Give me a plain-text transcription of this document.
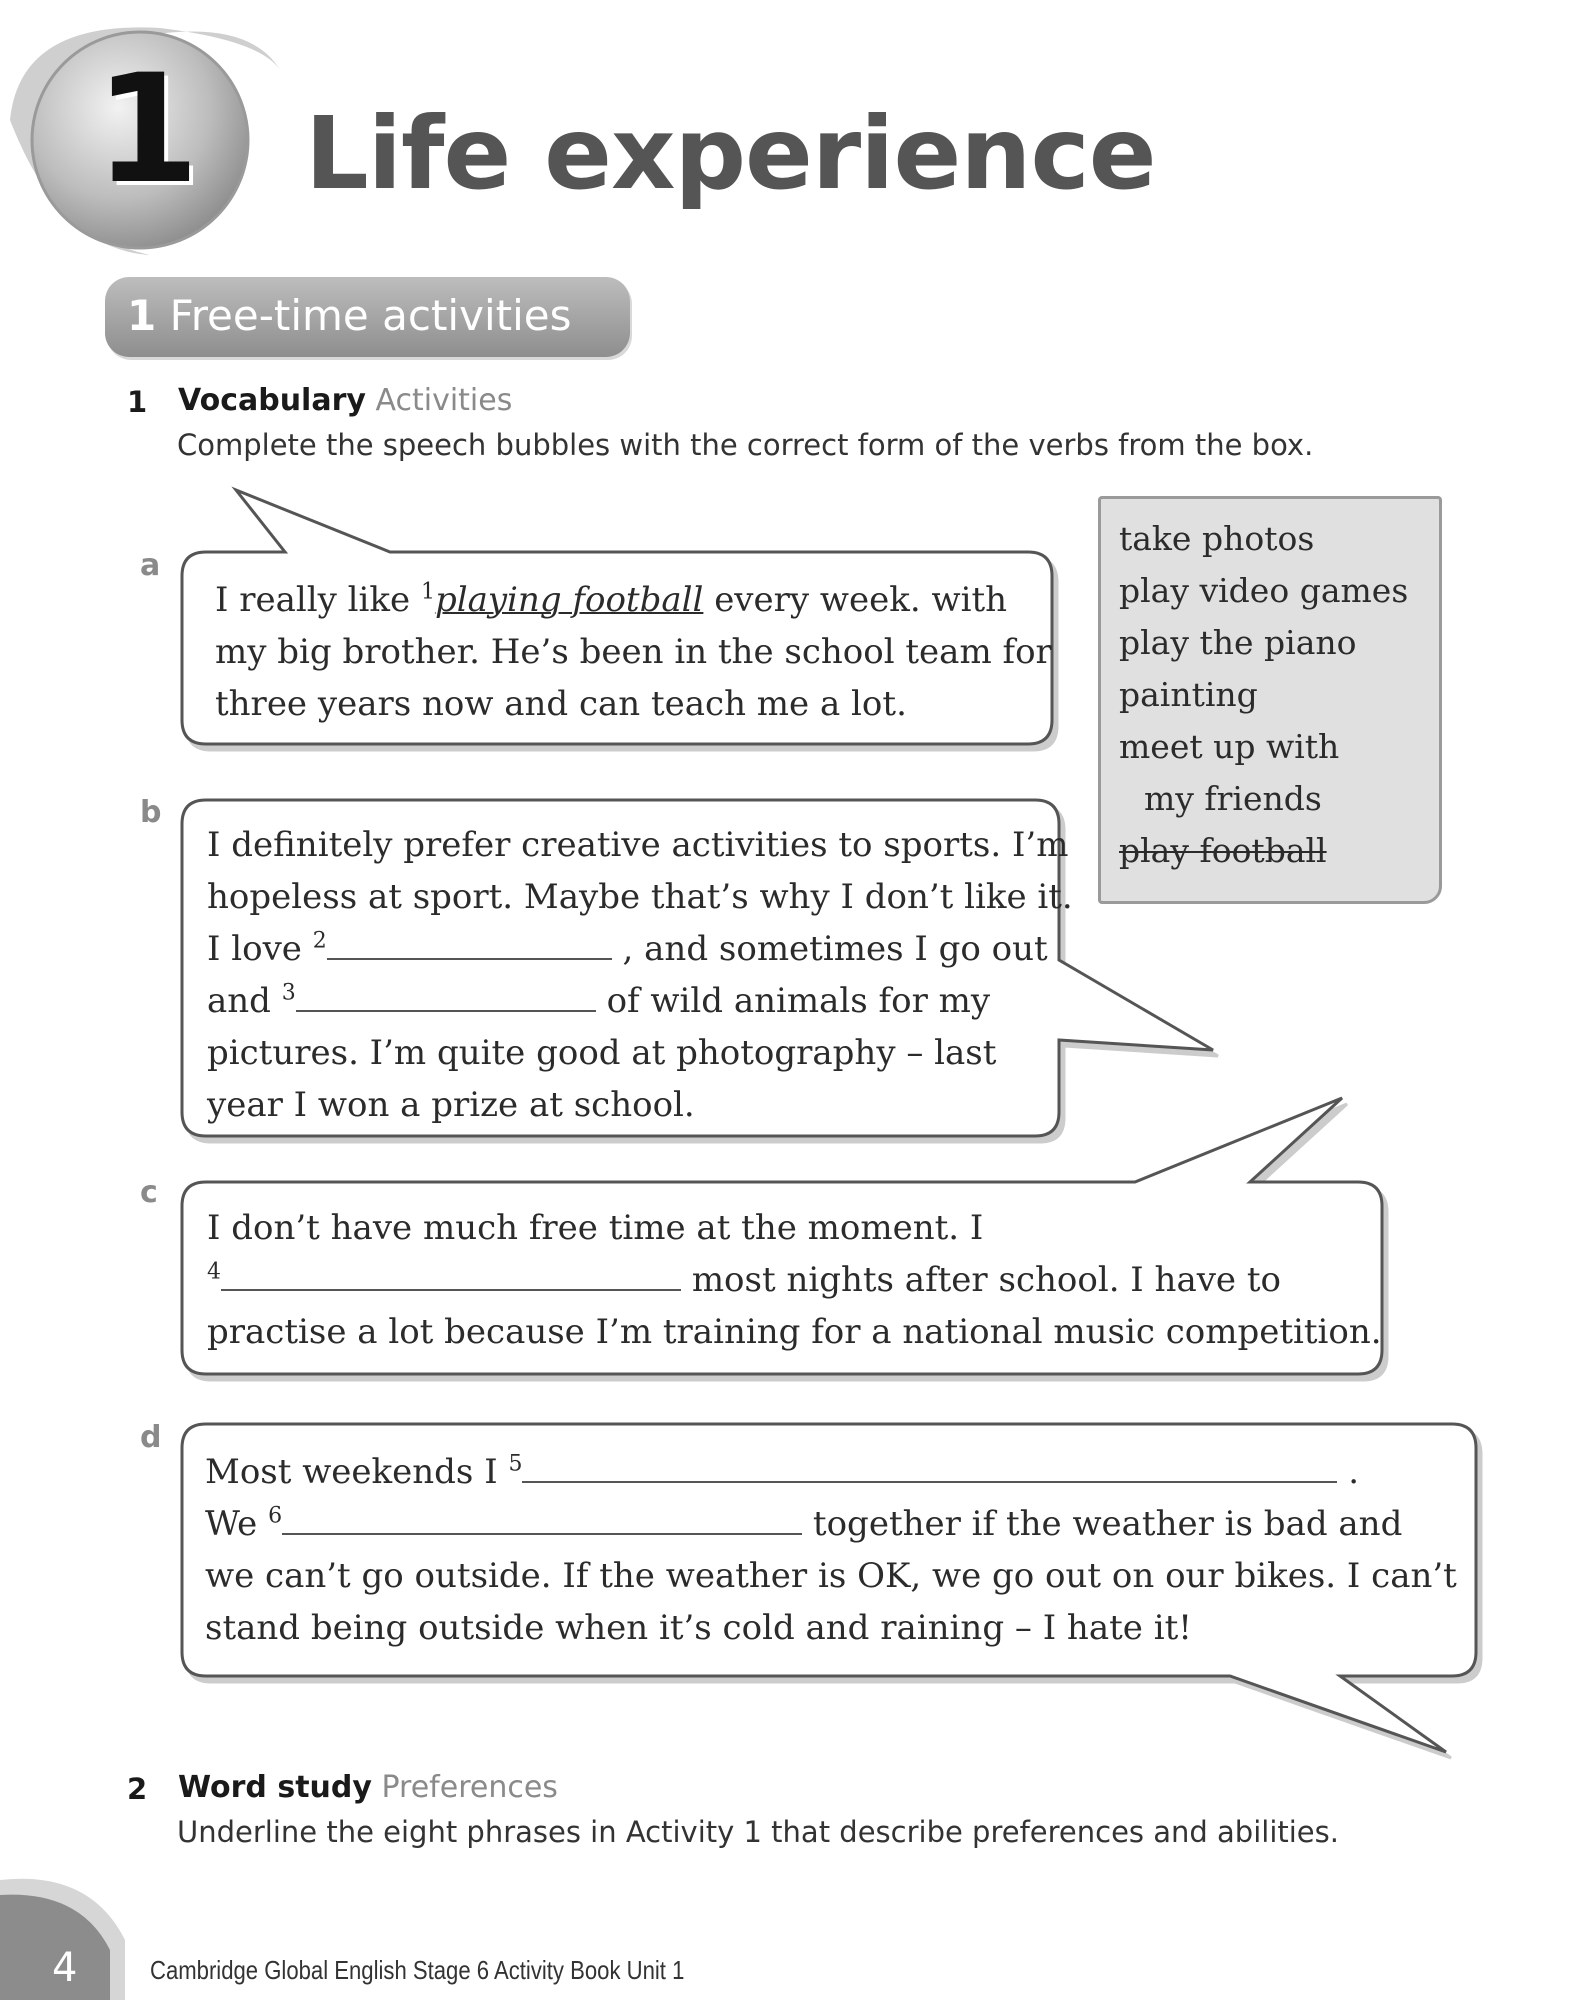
1 Life experience
1 Free-time activities
1 Vocabulary Activities
Complete the speech bubbles with the correct form of the verbs from the box.
take photos
play video games
play the piano
painting
meet up with
my friends
play football
a
I really like $^1$playing football every week. with
my big brother. He’s been in the school team for
three years now and can teach me a lot.
b
I definitely prefer creative activities to sports. I’m
hopeless at sport. Maybe that’s why I don’t like it.
I love $^2$	, and sometimes I go out
and $^3$	of wild animals for my
pictures. I’m quite good at photography – last
year I won a prize at school.
c
I don’t have much free time at the moment. I
$^4$	most nights after school. I have to
practise a lot because I’m training for a national music competition.
d
Most weekends I $^5$	.
We $^6$	together if the weather is bad and
we can’t go outside. If the weather is OK, we go out on our bikes. I can’t
stand being outside when it’s cold and raining – I hate it!
2 Word study Preferences
Underline the eight phrases in Activity 1 that describe preferences and abilities.
4	Cambridge Global English Stage 6 Activity Book Unit 1
